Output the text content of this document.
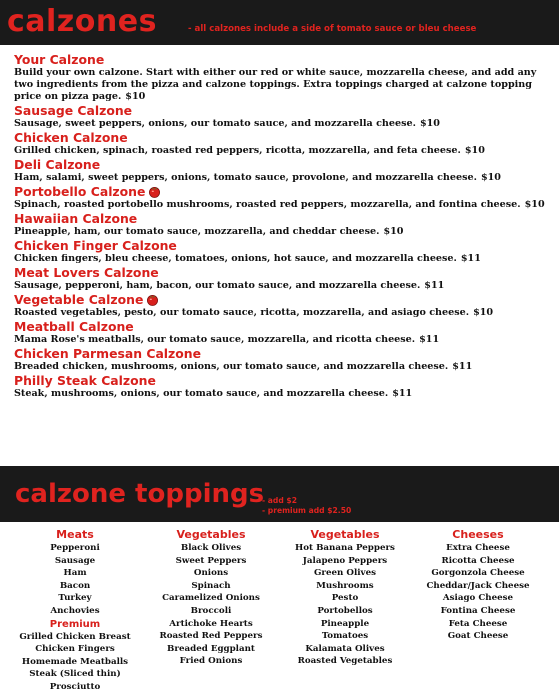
calzones	- all calzones include a side of tomato sauce or bleu cheese
Your Calzone
Build your own calzone. Start with either our red or white sauce, mozzarella cheese, and add any two ingredients from the pizza and calzone toppings. Extra toppings charged at calzone topping price on pizza page. $10
Sausage Calzone
Sausage, sweet peppers, onions, our tomato sauce, and mozzarella cheese. $10
Chicken Calzone
Grilled chicken, spinach, roasted red peppers, ricotta, mozzarella, and feta cheese. $10
Deli Calzone
Ham, salami, sweet peppers, onions, tomato sauce, provolone, and mozzarella cheese. $10
Portobello Calzone
Spinach, roasted portobello mushrooms, roasted red peppers, mozzarella, and fontina cheese. $10
Hawaiian Calzone
Pineapple, ham, our tomato sauce, mozzarella, and cheddar cheese. $10
Chicken Finger Calzone
Chicken fingers, bleu cheese, tomatoes, onions, hot sauce, and mozzarella cheese. $11
Meat Lovers Calzone
Sausage, pepperoni, ham, bacon, our tomato sauce, and mozzarella cheese. $11
Vegetable Calzone
Roasted vegetables, pesto, our tomato sauce, ricotta, mozzarella, and asiago cheese. $10
Meatball Calzone
Mama Rose's meatballs, our tomato sauce, mozzarella, and ricotta cheese. $11
Chicken Parmesan Calzone
Breaded chicken, mushrooms, onions, our tomato sauce, and mozzarella cheese. $11
Philly Steak Calzone
Steak, mushrooms, onions, our tomato sauce, and mozzarella cheese. $11
calzone toppings
- add $2
- premium add $2.50
Meats
Pepperoni
Sausage
Ham
Bacon
Turkey
Anchovies
Premium
Grilled Chicken Breast
Chicken Fingers
Homemade Meatballs
Steak (Sliced thin)
Prosciutto
Vegetables
Black Olives
Sweet Peppers
Onions
Spinach
Caramelized Onions
Broccoli
Artichoke Hearts
Roasted Red Peppers
Breaded Eggplant
Fried Onions
Vegetables
Hot Banana Peppers
Jalapeno Peppers
Green Olives
Mushrooms
Pesto
Portobellos
Pineapple
Tomatoes
Kalamata Olives
Roasted Vegetables
Cheeses
Extra Cheese
Ricotta Cheese
Gorgonzola Cheese
Cheddar/Jack Cheese
Asiago Cheese
Fontina Cheese
Feta Cheese
Goat Cheese
